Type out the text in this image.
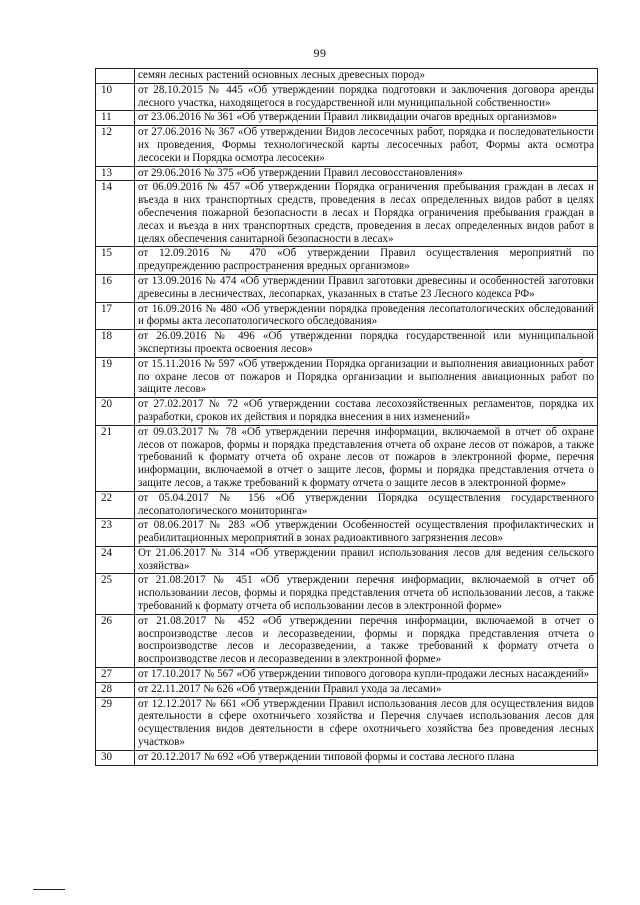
99
	семян лесных растений основных лесных древесных пород»
10	от 28.10.2015 № 445 «Об утверждении порядка подготовки и заключения договора аренды лесного участка, находящегося в государственной или муниципальной собственности»
11	от 23.06.2016 № 361 «Об утверждении Правил ликвидации очагов вредных организмов»
12	от 27.06.2016 № 367 «Об утверждении Видов лесосечных работ, порядка и последовательности их проведения, Формы технологической карты лесосечных работ, Формы акта осмотра лесосеки и Порядка осмотра лесосеки»
13	от 29.06.2016 № 375 «Об утверждении Правил лесовосстановления»
14	от 06.09.2016 № 457 «Об утверждении Порядка ограничения пребывания граждан в лесах и въезда в них транспортных средств, проведения в лесах определенных видов работ в целях обеспечения пожарной безопасности в лесах и Порядка ограничения пребывания граждан в лесах и въезда в них транспортных средств, проведения в лесах определенных видов работ в целях обеспечения санитарной безопасности в лесах»
15	от 12.09.2016 № 470 «Об утверждении Правил осуществления мероприятий по предупреждению распространения вредных организмов»
16	от 13.09.2016 № 474 «Об утверждении Правил заготовки древесины и особенностей заготовки древесины в лесничествах, лесопарках, указанных в статье 23 Лесного кодекса РФ»
17	от 16.09.2016 № 480 «Об утверждении порядка проведения лесопатологических обследований и формы акта лесопатологического обследования»
18	от 26.09.2016 № 496 «Об утверждении порядка государственной или муниципальной экспертизы проекта освоения лесов»
19	от 15.11.2016 № 597 «Об утверждении Порядка организации и выполнения авиационных работ по охране лесов от пожаров и Порядка организации и выполнения авиационных работ по защите лесов»
20	от 27.02.2017 № 72 «Об утверждении состава лесохозяйственных регламентов, порядка их разработки, сроков их действия и порядка внесения в них изменений»
21	от 09.03.2017 № 78 «Об утверждении перечня информации, включаемой в отчет об охране лесов от пожаров, формы и порядка представления отчета об охране лесов от пожаров, а также требований к формату отчета об охране лесов от пожаров в электронной форме, перечня информации, включаемой в отчет о защите лесов, формы и порядка представления отчета о защите лесов, а также требований к формату отчета о защите лесов в электронной форме»
22	от 05.04.2017 № 156 «Об утверждении Порядка осуществления государственного лесопатологического мониторинга»
23	от 08.06.2017 № 283 «Об утверждении Особенностей осуществления профилактических и реабилитационных мероприятий в зонах радиоактивного загрязнения лесов»
24	От 21.06.2017 № 314 «Об утверждении правил использования лесов для ведения сельского хозяйства»
25	от 21.08.2017 № 451 «Об утверждении перечня информации, включаемой в отчет об использовании лесов, формы и порядка представления отчета об использовании лесов, а также требований к формату отчета об использовании лесов в электронной форме»
26	от 21.08.2017 № 452 «Об утверждении перечня информации, включаемой в отчет о воспроизводстве лесов и лесоразведении, формы и порядка представления отчета о воспроизводстве лесов и лесоразведении, а также требований к формату отчета о воспроизводстве лесов и лесоразведении в электронной форме»
27	от 17.10.2017 № 567 «Об утверждении типового договора купли-продажи лесных насаждений»
28	от 22.11.2017 № 626 «Об утверждении Правил ухода за лесами»
29	от 12.12.2017 № 661 «Об утверждении Правил использования лесов для осуществления видов деятельности в сфере охотничьего хозяйства и Перечня случаев использования лесов для осуществления видов деятельности в сфере охотничьего хозяйства без проведения лесных участков»
30	от 20.12.2017 № 692 «Об утверждении типовой формы и состава лесного плана
